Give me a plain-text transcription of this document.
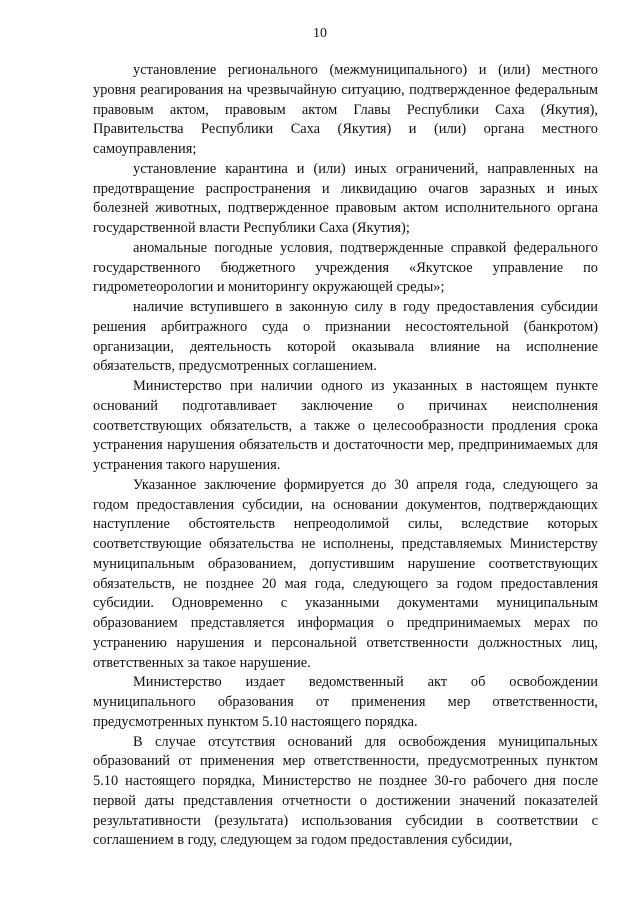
10

установление регионального (межмуниципального) и (или) местного уровня реагирования на чрезвычайную ситуацию, подтвержденное федеральным правовым актом, правовым актом Главы Республики Саха (Якутия), Правительства Республики Саха (Якутия) и (или) органа местного самоуправления;

установление карантина и (или) иных ограничений, направленных на предотвращение распространения и ликвидацию очагов заразных и иных болезней животных, подтвержденное правовым актом исполнительного органа государственной власти Республики Саха (Якутия);

аномальные погодные условия, подтвержденные справкой федерального государственного бюджетного учреждения «Якутское управление по гидрометеорологии и мониторингу окружающей среды»;

наличие вступившего в законную силу в году предоставления субсидии решения арбитражного суда о признании несостоятельной (банкротом) организации, деятельность которой оказывала влияние на исполнение обязательств, предусмотренных соглашением.

Министерство при наличии одного из указанных в настоящем пункте оснований подготавливает заключение о причинах неисполнения соответствующих обязательств, а также о целесообразности продления срока устранения нарушения обязательств и достаточности мер, предпринимаемых для устранения такого нарушения.

Указанное заключение формируется до 30 апреля года, следующего за годом предоставления субсидии, на основании документов, подтверждающих наступление обстоятельств непреодолимой силы, вследствие которых соответствующие обязательства не исполнены, представляемых Министерству муниципальным образованием, допустившим нарушение соответствующих обязательств, не позднее 20 мая года, следующего за годом предоставления субсидии. Одновременно с указанными документами муниципальным образованием представляется информация о предпринимаемых мерах по устранению нарушения и персональной ответственности должностных лиц, ответственных за такое нарушение.

Министерство издает ведомственный акт об освобождении муниципального образования от применения мер ответственности, предусмотренных пунктом 5.10 настоящего порядка.

В случае отсутствия оснований для освобождения муниципальных образований от применения мер ответственности, предусмотренных пунктом 5.10 настоящего порядка, Министерство не позднее 30-го рабочего дня после первой даты представления отчетности о достижении значений показателей результативности (результата) использования субсидии в соответствии с соглашением в году, следующем за годом предоставления субсидии,
